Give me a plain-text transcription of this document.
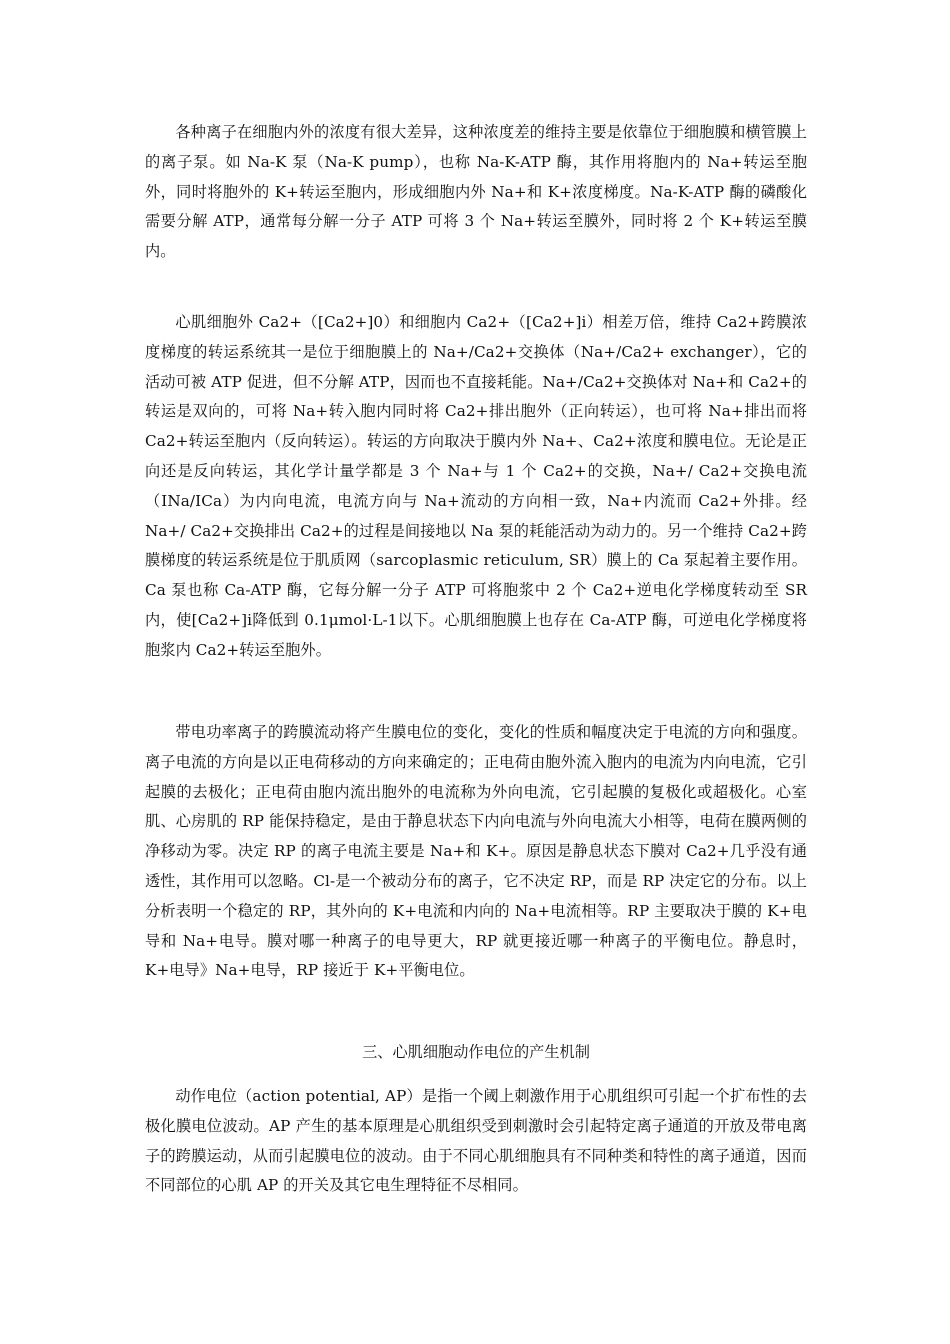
各种离子在细胞内外的浓度有很大差异，这种浓度差的维持主要是依靠位于细胞膜和横管膜上的离子泵。如 Na-K 泵（Na-K pump），也称 Na-K-ATP 酶，其作用将胞内的 Na+转运至胞外，同时将胞外的 K+转运至胞内，形成细胞内外 Na+和 K+浓度梯度。Na-K-ATP 酶的磷酸化需要分解 ATP，通常每分解一分子 ATP 可将 3 个 Na+转运至膜外，同时将 2 个 K+转运至膜内。

心肌细胞外 Ca2+（[Ca2+]0）和细胞内 Ca2+（[Ca2+]i）相差万倍，维持 Ca2+跨膜浓度梯度的转运系统其一是位于细胞膜上的 Na+/Ca2+交换体（Na+/Ca2+ exchanger），它的活动可被 ATP 促进，但不分解 ATP，因而也不直接耗能。Na+/Ca2+交换体对 Na+和 Ca2+的转运是双向的，可将 Na+转入胞内同时将 Ca2+排出胞外（正向转运），也可将 Na+排出而将 Ca2+转运至胞内（反向转运）。转运的方向取决于膜内外 Na+、Ca2+浓度和膜电位。无论是正向还是反向转运，其化学计量学都是 3 个 Na+与 1 个 Ca2+的交换，Na+/ Ca2+交换电流（INa/ICa）为内向电流，电流方向与 Na+流动的方向相一致，Na+内流而 Ca2+外排。经 Na+/ Ca2+交换排出 Ca2+的过程是间接地以 Na 泵的耗能活动为动力的。另一个维持 Ca2+跨膜梯度的转运系统是位于肌质网（sarcoplasmic reticulum, SR）膜上的 Ca 泵起着主要作用。Ca 泵也称 Ca-ATP 酶，它每分解一分子 ATP 可将胞浆中 2 个 Ca2+逆电化学梯度转动至 SR 内，使[Ca2+]i降低到 0.1μmol·L-1以下。心肌细胞膜上也存在 Ca-ATP 酶，可逆电化学梯度将胞浆内 Ca2+转运至胞外。

带电功率离子的跨膜流动将产生膜电位的变化，变化的性质和幅度决定于电流的方向和强度。离子电流的方向是以正电荷移动的方向来确定的；正电荷由胞外流入胞内的电流为内向电流，它引起膜的去极化；正电荷由胞内流出胞外的电流称为外向电流，它引起膜的复极化或超极化。心室肌、心房肌的 RP 能保持稳定，是由于静息状态下内向电流与外向电流大小相等，电荷在膜两侧的净移动为零。决定 RP 的离子电流主要是 Na+和 K+。原因是静息状态下膜对 Ca2+几乎没有通透性，其作用可以忽略。Cl-是一个被动分布的离子，它不决定 RP，而是 RP 决定它的分布。以上分析表明一个稳定的 RP，其外向的 K+电流和内向的 Na+电流相等。RP 主要取决于膜的 K+电导和 Na+电导。膜对哪一种离子的电导更大，RP 就更接近哪一种离子的平衡电位。静息时，K+电导》Na+电导，RP 接近于 K+平衡电位。

三、心肌细胞动作电位的产生机制

动作电位（action potential, AP）是指一个阈上刺激作用于心肌组织可引起一个扩布性的去极化膜电位波动。AP 产生的基本原理是心肌组织受到刺激时会引起特定离子通道的开放及带电离子的跨膜运动，从而引起膜电位的波动。由于不同心肌细胞具有不同种类和特性的离子通道，因而不同部位的心肌 AP 的开关及其它电生理特征不尽相同。
